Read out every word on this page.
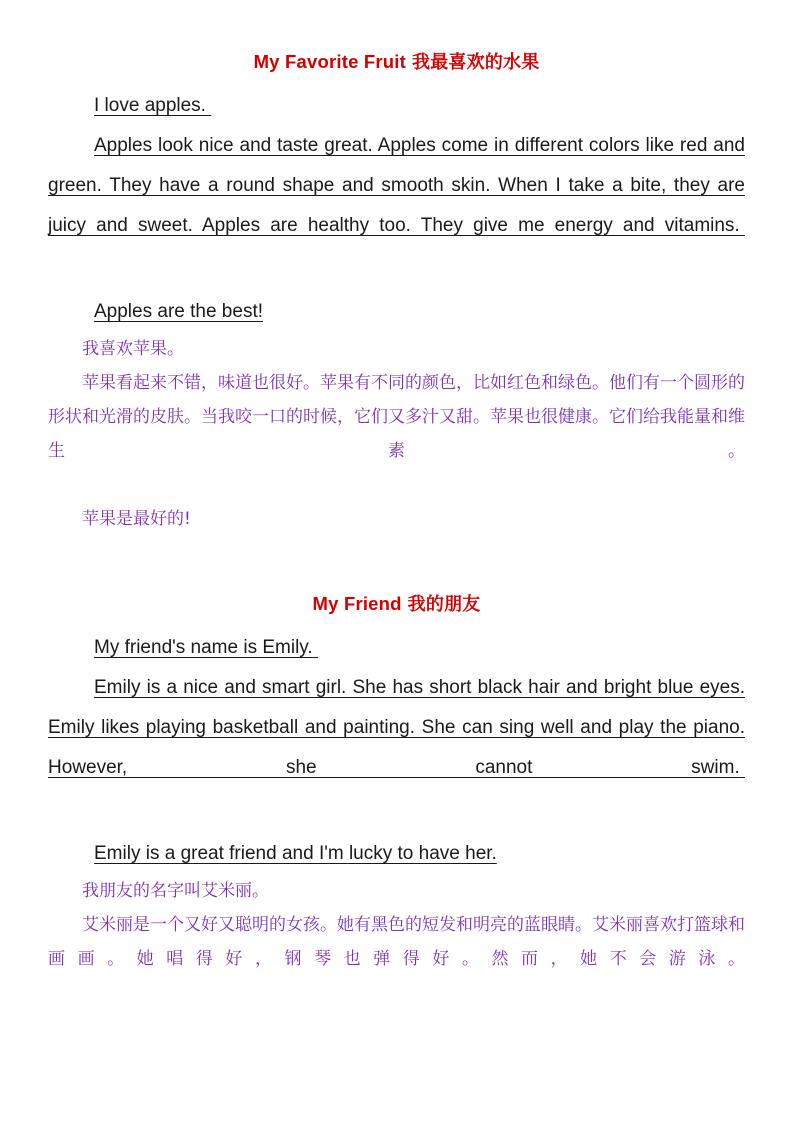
My Favorite Fruit 我最喜欢的水果

I love apples.

Apples look nice and taste great. Apples come in different colors like red and green. They have a round shape and smooth skin. When I take a bite, they are juicy and sweet. Apples are healthy too. They give me energy and vitamins.

Apples are the best!

我喜欢苹果。

苹果看起来不错，味道也很好。苹果有不同的颜色，比如红色和绿色。他们有一个圆形的形状和光滑的皮肤。当我咬一口的时候，它们又多汁又甜。苹果也很健康。它们给我能量和维生素。

苹果是最好的!

My Friend 我的朋友

My friend's name is Emily.

Emily is a nice and smart girl. She has short black hair and bright blue eyes. Emily likes playing basketball and painting. She can sing well and play the piano. However, she cannot swim.

Emily is a great friend and I'm lucky to have her.

我朋友的名字叫艾米丽。

艾米丽是一个又好又聪明的女孩。她有黑色的短发和明亮的蓝眼睛。艾米丽喜欢打篮球和画画。她唱得好，钢琴也弹得好。然而，她不会游泳。
